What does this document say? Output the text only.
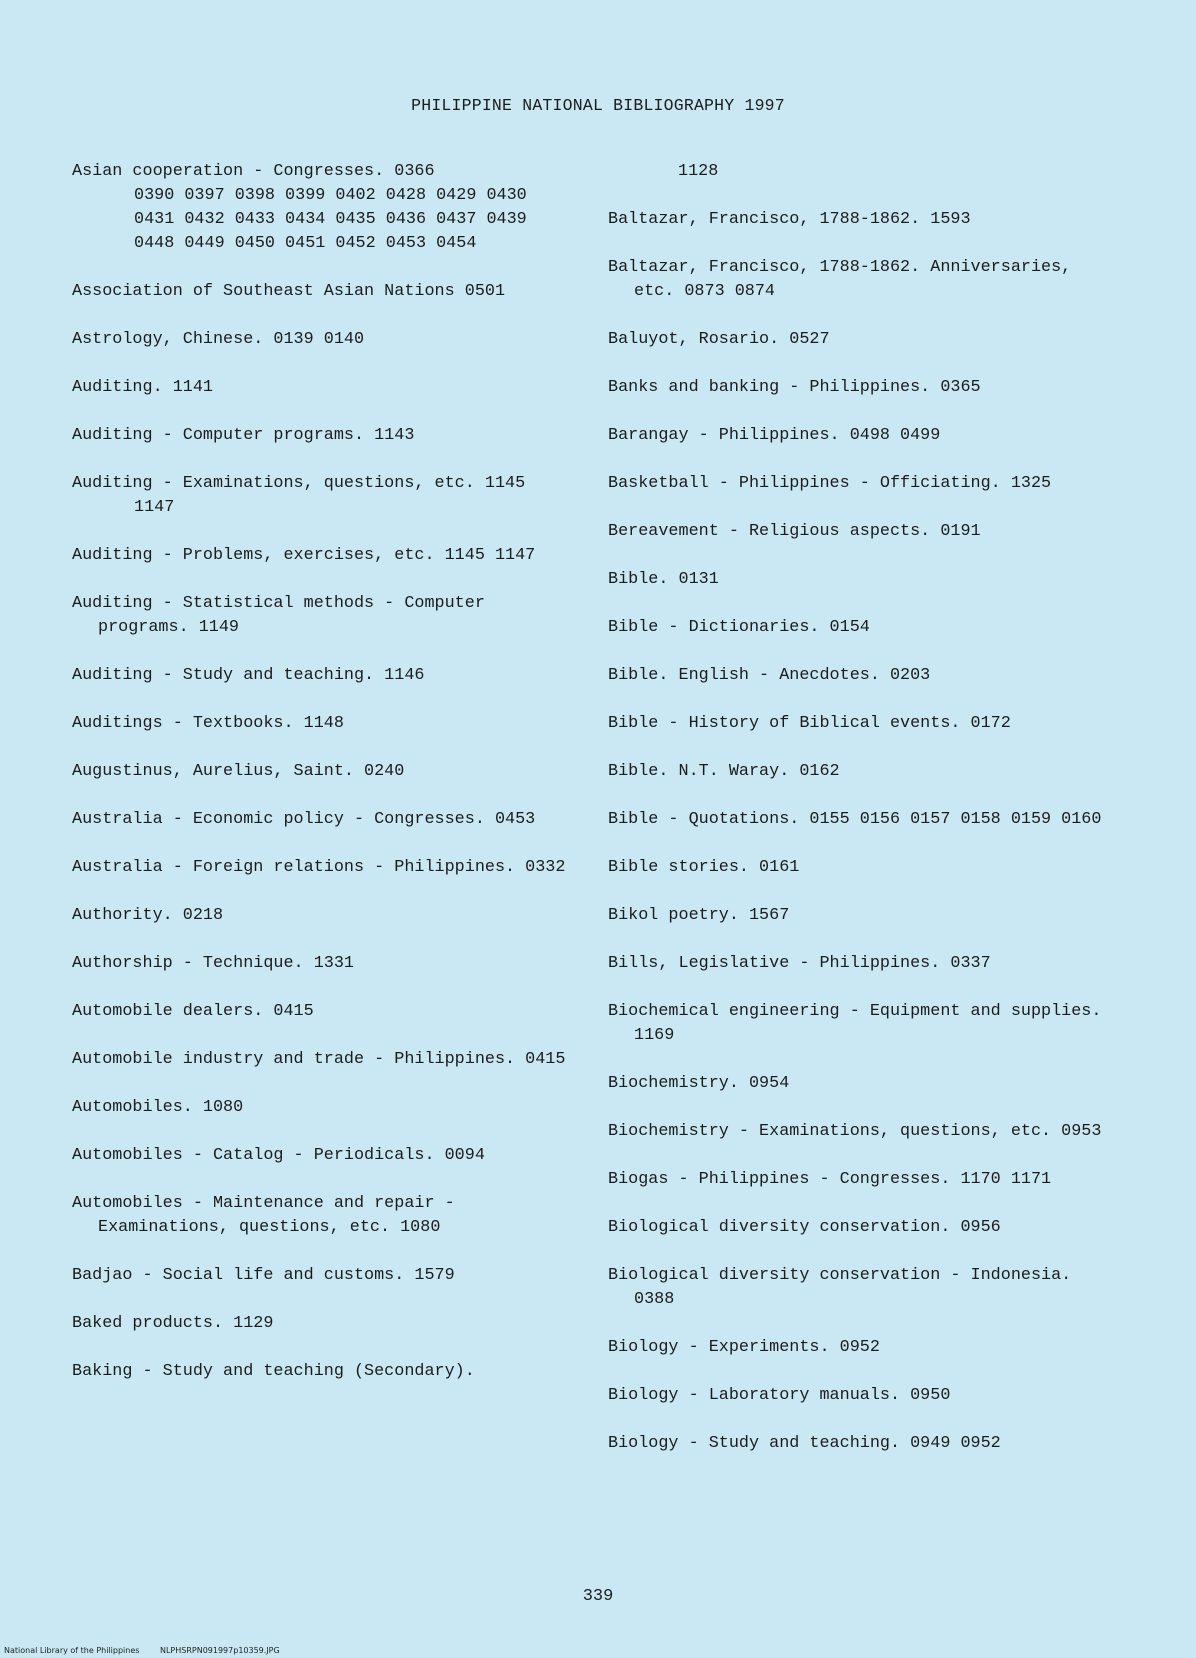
PHILIPPINE NATIONAL BIBLIOGRAPHY 1997
Asian cooperation - Congresses. 0366
0390 0397 0398 0399 0402 0428 0429 0430 0431 0432 0433 0434 0435 0436 0437 0439 0448 0449 0450 0451 0452 0453 0454
Association of Southeast Asian Nations 0501
Astrology, Chinese. 0139 0140
Auditing. 1141
Auditing - Computer programs. 1143
Auditing - Examinations, questions, etc. 1145 1147
Auditing - Problems, exercises, etc. 1145 1147
Auditing - Statistical methods - Computer programs. 1149
Auditing - Study and teaching. 1146
Auditings - Textbooks. 1148
Augustinus, Aurelius, Saint. 0240
Australia - Economic policy - Congresses. 0453
Australia - Foreign relations - Philippines. 0332
Authority. 0218
Authorship - Technique. 1331
Automobile dealers. 0415
Automobile industry and trade - Philippines. 0415
Automobiles. 1080
Automobiles - Catalog - Periodicals. 0094
Automobiles - Maintenance and repair - Examinations, questions, etc. 1080
Badjao - Social life and customs. 1579
Baked products. 1129
Baking - Study and teaching (Secondary).
1128
Baltazar, Francisco, 1788-1862. 1593
Baltazar, Francisco, 1788-1862. Anniversaries, etc. 0873 0874
Baluyot, Rosario. 0527
Banks and banking - Philippines. 0365
Barangay - Philippines. 0498 0499
Basketball - Philippines - Officiating. 1325
Bereavement - Religious aspects. 0191
Bible. 0131
Bible - Dictionaries. 0154
Bible. English - Anecdotes. 0203
Bible - History of Biblical events. 0172
Bible. N.T. Waray. 0162
Bible - Quotations. 0155 0156 0157 0158 0159 0160
Bible stories. 0161
Bikol poetry. 1567
Bills, Legislative - Philippines. 0337
Biochemical engineering - Equipment and supplies. 1169
Biochemistry. 0954
Biochemistry - Examinations, questions, etc. 0953
Biogas - Philippines - Congresses. 1170 1171
Biological diversity conservation. 0956
Biological diversity conservation - Indonesia. 0388
Biology - Experiments. 0952
Biology - Laboratory manuals. 0950
Biology - Study and teaching. 0949 0952
339
National Library of the Philippines	NLPHSRPN091997p10359.JPG
